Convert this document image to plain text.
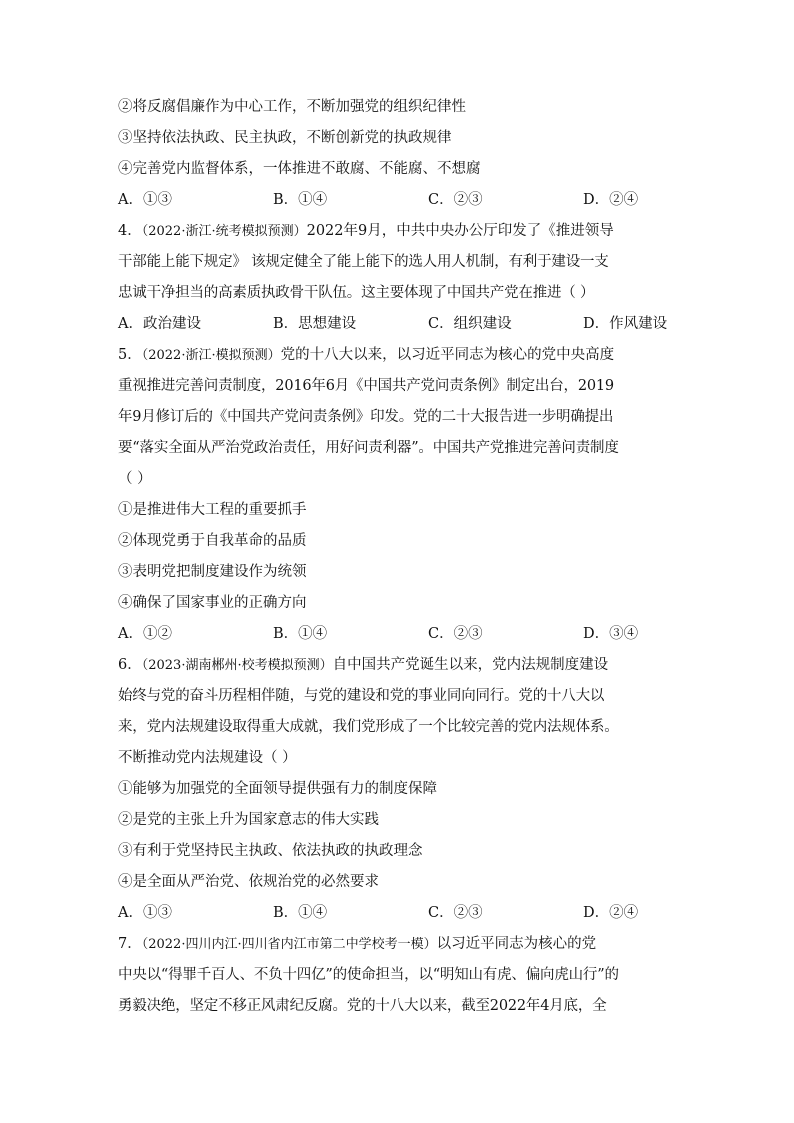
②将反腐倡廉作为中心工作，不断加强党的组织纪律性
③坚持依法执政、民主执政，不断创新党的执政规律
④完善党内监督体系，一体推进不敢腐、不能腐、不想腐
A．①③	B．①④	C．②③	D．②④
4．（2022·浙江·统考模拟预测）2022年9月，中共中央办公厅印发了《推进领导
干部能上能下规定》 该规定健全了能上能下的选人用人机制，有利于建设一支
忠诚干净担当的高素质执政骨干队伍。这主要体现了中国共产党在推进（ ）
A．政治建设	B．思想建设	C．组织建设	D．作风建设
5．（2022·浙江·模拟预测）党的十八大以来，以习近平同志为核心的党中央高度
重视推进完善问责制度，2016年6月《中国共产党问责条例》制定出台，2019
年9月修订后的《中国共产党问责条例》印发。党的二十大报告进一步明确提出
要“落实全面从严治党政治责任，用好问责利器”。中国共产党推进完善问责制度
（ ）
①是推进伟大工程的重要抓手
②体现党勇于自我革命的品质
③表明党把制度建设作为统领
④确保了国家事业的正确方向
A．①②	B．①④	C．②③	D．③④
6．（2023·湖南郴州·校考模拟预测）自中国共产党诞生以来，党内法规制度建设
始终与党的奋斗历程相伴随，与党的建设和党的事业同向同行。党的十八大以
来，党内法规建设取得重大成就，我们党形成了一个比较完善的党内法规体系。
不断推动党内法规建设（ ）
①能够为加强党的全面领导提供强有力的制度保障
②是党的主张上升为国家意志的伟大实践
③有利于党坚持民主执政、依法执政的执政理念
④是全面从严治党、依规治党的必然要求
A．①③	B．①④	C．②③	D．②④
7．（2022·四川内江·四川省内江市第二中学校考一模）以习近平同志为核心的党
中央以“得罪千百人、不负十四亿”的使命担当，以“明知山有虎、偏向虎山行”的
勇毅决绝，坚定不移正风肃纪反腐。党的十八大以来，截至2022年4月底，全
